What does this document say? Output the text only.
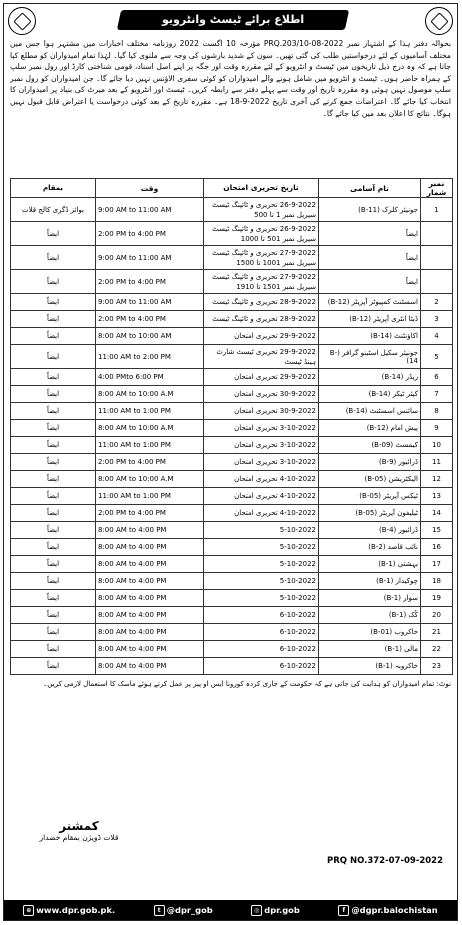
اطلاع برائے ٹیسٹ وانٹرویو
بحوالہ دفتر ہذا کے اشتہار نمبر PRQ.203/10-08-2022 مؤرخہ 10 اگست 2022 روزنامہ مختلف اخبارات میں مشتہر ہوا جس میں مختلف آسامیوں کے لئے درخواستیں طلب کی گئی تھیں۔ سون کے شدید بارشوں کی وجہ سے ملتوی کیا گیا۔ لہٰذا تمام امیدواران کو مطلع کیا جاتا ہے کہ وہ درج ذیل تاریخوں میں ٹیسٹ و انٹرویو کے لئے مقررہ وقت اور جگہ پر اپنے اصل اسناد، قومی شناختی کارڈ اور رول نمبر سلپ کے ہمراہ حاضر ہوں۔ ٹیسٹ و انٹرویو میں شامل ہونے والے امیدواران کو کوئی سفری الاؤنس نہیں دیا جائے گا۔ جن امیدواران کو رول نمبر سلپ موصول نہیں ہوئی وہ مقررہ تاریخ اور وقت سے پہلے دفتر سے رابطہ کریں۔ ٹیسٹ اور انٹرویو کے بعد میرٹ کی بنیاد پر امیدواران کا انتخاب کیا جائے گا۔ اعتراضات جمع کرنے کی آخری تاریخ 2022-9-18 ہے۔ مقررہ تاریخ کے بعد کوئی درخواست یا اعتراض قابل قبول نہیں ہوگا۔ نتائج کا اعلان بعد میں کیا جائے گا۔
بمقام	وقت	تاریخ تحریری امتحان	نام آسامی	نمبر شمار
بوائز ڈگری کالج قلات	9:00 AM to 11:00 AM	26-9-2022 تحریری و ٹائپنگ ٹیسٹ سیریل نمبر 1 تا 500	جونیئر کلرک (B-11)	1
ایضاً	2:00 PM to 4:00 PM	26-9-2022 تحریری و ٹائپنگ ٹیسٹ سیریل نمبر 501 تا 1000	ایضاً	
ایضاً	9:00 AM to 11:00 AM	27-9-2022 تحریری و ٹائپنگ ٹیسٹ سیریل نمبر 1001 تا 1500	ایضاً	
ایضاً	2:00 PM to 4:00 PM	27-9-2022 تحریری و ٹائپنگ ٹیسٹ سیریل نمبر 1501 تا 1910	ایضاً	
ایضاً	9:00 AM to 11:00 AM	28-9-2022 تحریری و ٹائپنگ ٹیسٹ	اسسٹنٹ کمپیوٹر آپریٹر (B-12)	2
ایضاً	2:00 PM to 4:00 PM	28-9-2022 تحریری و ٹائپنگ ٹیسٹ	ڈیٹا انٹری آپریٹر (B-12)	3
ایضاً	8:00 AM to 10:00 AM	29-9-2022 تحریری امتحان	اکاؤنٹنٹ (B-14)	4
ایضاً	11:00 AM to 2:00 PM	29-9-2022 تحریری ٹیسٹ شارٹ ہینڈ ٹیسٹ	جونیئر سکیل اسٹینو گرافر (B-14)	5
ایضاً	4:00 PMto 6:00 PM	29-9-2022 تحریری امتحان	ریڈر (B-14)	6
ایضاً	8:00 AM to 10:00 A.M	30-9-2022 تحریری امتحان	کیئر ٹیکر (B-14)	7
ایضاً	11:00 AM to 1:00 PM	30-9-2022 تحریری امتحان	سائنس اسسٹنٹ (B-14)	8
ایضاً	8:00 AM to 10:00 A.M	3-10-2022 تحریری امتحان	پیش امام (B-12)	9
ایضاً	11:00 AM to 1:00 PM	3-10-2022 تحریری امتحان	کیمسٹ (B-09)	10
ایضاً	2:00 PM to 4:00 PM	3-10-2022 تحریری امتحان	ڈرائیور (B-9)	11
ایضاً	8:00 AM to 10:00 A.M	4-10-2022 تحریری امتحان	الیکٹریشن (B-05)	12
ایضاً	11:00 AM to 1:00 PM	4-10-2022 تحریری امتحان	ٹیکس آپریٹر (B-05)	13
ایضاً	2:00 PM to 4:00 PM	4-10-2022 تحریری امتحان	ٹیلیفون آپریٹر (B-05)	14
ایضاً	8:00 AM to 4:00 PM	5-10-2022	ڈرائیور (B-4)	15
ایضاً	8:00 AM to 4:00 PM	5-10-2022	نائب قاصد (B-2)	16
ایضاً	8:00 AM to 4:00 PM	5-10-2022	بہشتی (B-1)	17
ایضاً	8:00 AM to 4:00 PM	5-10-2022	چوکیدار (B-1)	18
ایضاً	8:00 AM to 4:00 PM	5-10-2022	سوار (B-1)	19
ایضاً	8:00 AM to 4:00 PM	6-10-2022	کُک (B-1)	20
ایضاً	8:00 AM to 4:00 PM	6-10-2022	خاکروب (B-01)	21
ایضاً	8:00 AM to 4:00 PM	6-10-2022	مالی (B-1)	22
ایضاً	8:00 AM to 4:00 PM	6-10-2022	خاکروبہ (B-1)	23
نوٹ: تمام امیدواران کو ہدایت کی جاتی ہے کہ حکومت کے جاری کردہ کورونا ایس او پیز پر عمل کرتے ہوئے ماسک کا استعمال لازمی کریں۔
کمشنر
قلات ڈویژن بمقام خضدار
PRQ NO.372-07-09-2022
⊕ www.dpr.gob.pk.	t @dpr_gob	◎ dpr.gob	f @dgpr.balochistan
